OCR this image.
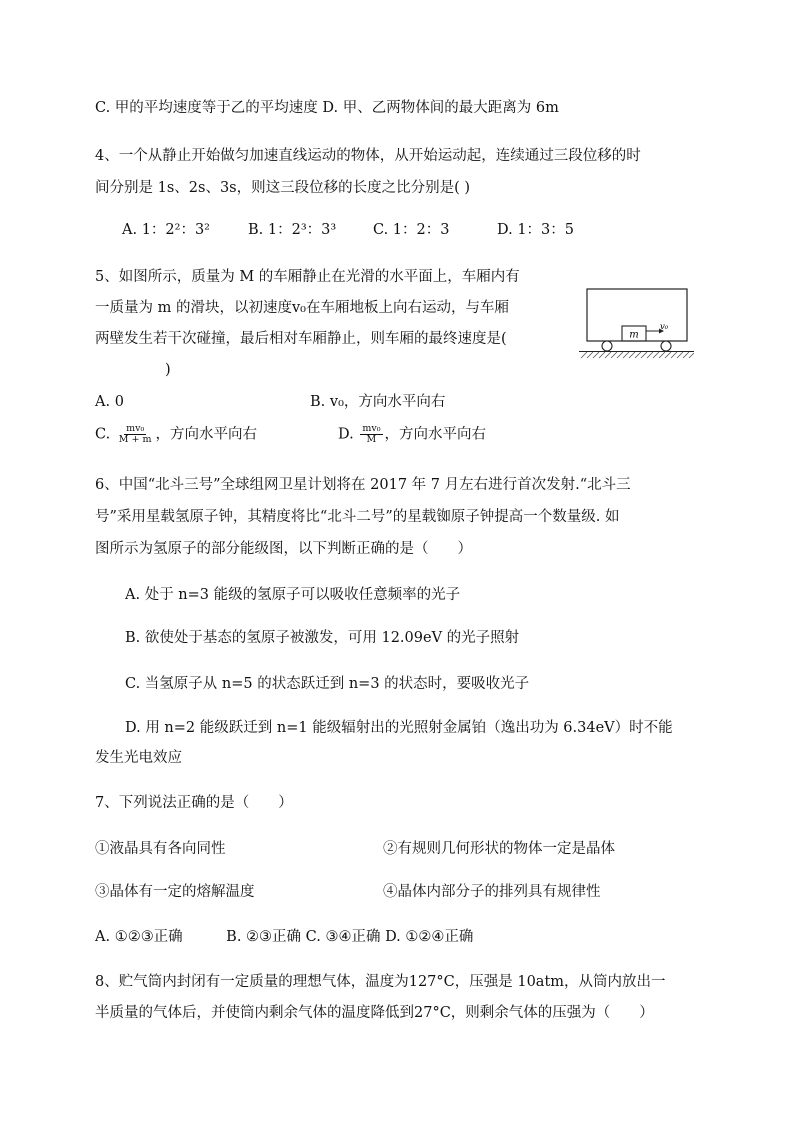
C. 甲的平均速度等于乙的平均速度 D. 甲、乙两物体间的最大距离为 6m
4、一个从静止开始做匀加速直线运动的物体，从开始运动起，连续通过三段位移的时
间分别是 1s、2s、3s，则这三段位移的长度之比分别是( )
A. 1：2²：3²	B. 1：2³：3³	C. 1：2：3	D. 1：3：5
5、如图所示，质量为 M 的车厢静止在光滑的水平面上，车厢内有
一质量为 m 的滑块，以初速度v₀在车厢地板上向右运动，与车厢
两壁发生若干次碰撞，最后相对车厢静止，则车厢的最终速度是(
)
m
v₀
A. 0	B. v₀，方向水平向右
C. $\frac{\text{mv₀}}{M + m}$ ，方向水平向右	D. $\frac{\text{mv₀}}{M}$ ，方向水平向右
6、中国“北斗三号”全球组网卫星计划将在 2017 年 7 月左右进行首次发射.“北斗三
号”采用星载氢原子钟，其精度将比“北斗二号”的星载铷原子钟提高一个数量级. 如
图所示为氢原子的部分能级图，以下判断正确的是（　　）
A. 处于 n=3 能级的氢原子可以吸收任意频率的光子
B. 欲使处于基态的氢原子被激发，可用 12.09eV 的光子照射
C. 当氢原子从 n=5 的状态跃迁到 n=3 的状态时，要吸收光子
D. 用 n=2 能级跃迁到 n=1 能级辐射出的光照射金属铂（逸出功为 6.34eV）时不能
发生光电效应
7、下列说法正确的是（　　）
①液晶具有各向同性	②有规则几何形状的物体一定是晶体
③晶体有一定的熔解温度	④晶体内部分子的排列具有规律性
A. ①②③正确　　　B. ②③正确 C. ③④正确 D. ①②④正确
8、贮气筒内封闭有一定质量的理想气体，温度为127°C，压强是 10atm，从筒内放出一
半质量的气体后，并使筒内剩余气体的温度降低到27°C，则剩余气体的压强为（　　）
